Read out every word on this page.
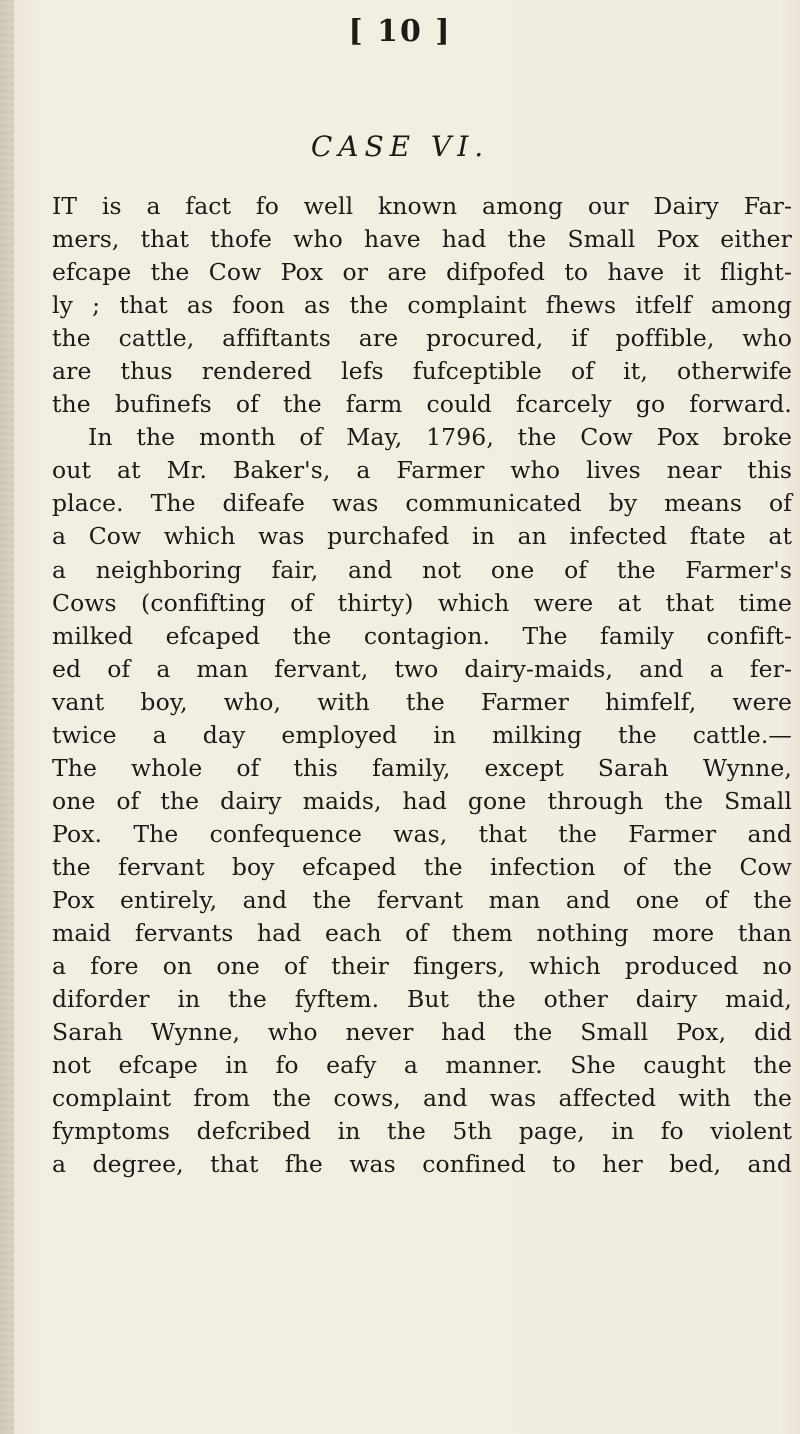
[ 10 ]
CASE VI.
IT is a fact fo well known among our Dairy Far-
mers, that thofe who have had the Small Pox either
efcape the Cow Pox or are difpofed to have it flight-
ly ; that as foon as the complaint fhews itfelf among
the cattle, affiftants are procured, if poffible, who
are thus rendered lefs fufceptible of it, otherwife
the bufinefs of the farm could fcarcely go forward.
In the month of May, 1796, the Cow Pox broke
out at Mr. Baker's, a Farmer who lives near this
place. The difeafe was communicated by means of
a Cow which was purchafed in an infected ftate at
a neighboring fair, and not one of the Farmer's
Cows (confifting of thirty) which were at that time
milked efcaped the contagion. The family confift-
ed of a man fervant, two dairy-maids, and a fer-
vant boy, who, with the Farmer himfelf, were
twice a day employed in milking the cattle.—
The whole of this family, except Sarah Wynne,
one of the dairy maids, had gone through the Small
Pox. The confequence was, that the Farmer and
the fervant boy efcaped the infection of the Cow
Pox entirely, and the fervant man and one of the
maid fervants had each of them nothing more than
a fore on one of their fingers, which produced no
diforder in the fyftem. But the other dairy maid,
Sarah Wynne, who never had the Small Pox, did
not efcape in fo eafy a manner. She caught the
complaint from the cows, and was affected with the
fymptoms defcribed in the 5th page, in fo violent
a degree, that fhe was confined to her bed, and
